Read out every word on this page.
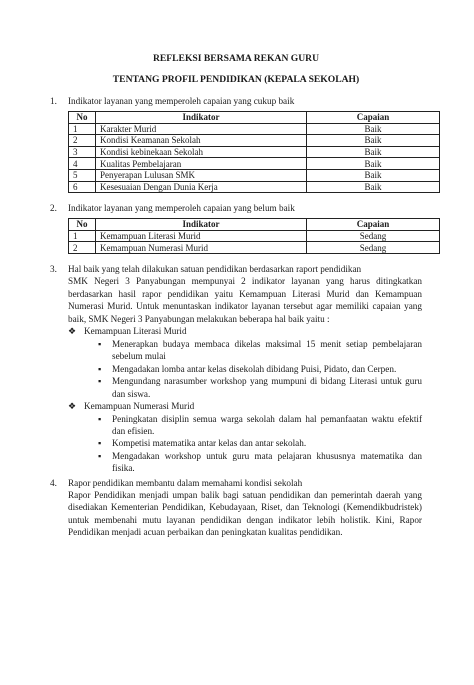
REFLEKSI BERSAMA REKAN GURU
TENTANG PROFIL PENDIDIKAN (KEPALA SEKOLAH)
1.	Indikator layanan yang memperoleh capaian yang cukup baik
No	Indikator	Capaian
1	Karakter Murid	Baik
2	Kondisi Keamanan Sekolah	Baik
3	Kondisi kebinekaan Sekolah	Baik
4	Kualitas Pembelajaran	Baik
5	Penyerapan Lulusan SMK	Baik
6	Kesesuaian Dengan Dunia Kerja	Baik
2.	Indikator layanan yang memperoleh capaian yang belum baik
No	Indikator	Capaian
1	Kemampuan Literasi Murid	Sedang
2	Kemampuan Numerasi Murid	Sedang
3.	Hal baik yang telah dilakukan satuan pendidikan berdasarkan raport pendidikan
SMK Negeri 3 Panyabungan mempunyai 2 indikator layanan yang harus ditingkatkan berdasarkan hasil rapor pendidikan yaitu Kemampuan Literasi Murid dan Kemampuan Numerasi Murid. Untuk menuntaskan indikator layanan tersebut agar memiliki capaian yang baik, SMK Negeri 3 Panyabungan melakukan beberapa hal baik yaitu :
❖ Kemampuan Literasi Murid
▪ Menerapkan budaya membaca dikelas maksimal 15 menit setiap pembelajaran sebelum mulai
▪ Mengadakan lomba antar kelas disekolah dibidang Puisi, Pidato, dan Cerpen.
▪ Mengundang narasumber workshop yang mumpuni di bidang Literasi untuk guru dan siswa.
❖ Kemampuan Numerasi Murid
▪ Peningkatan disiplin semua warga sekolah dalam hal pemanfaatan waktu efektif dan efisien.
▪ Kompetisi matematika antar kelas dan antar sekolah.
▪ Mengadakan workshop untuk guru mata pelajaran khususnya matematika dan fisika.
4.	Rapor pendidikan membantu dalam memahami kondisi sekolah
Rapor Pendidikan menjadi umpan balik bagi satuan pendidikan dan pemerintah daerah yang disediakan Kementerian Pendidikan, Kebudayaan, Riset, dan Teknologi (Kemendikbudristek) untuk membenahi mutu layanan pendidikan dengan indikator lebih holistik. Kini, Rapor Pendidikan menjadi acuan perbaikan dan peningkatan kualitas pendidikan.
